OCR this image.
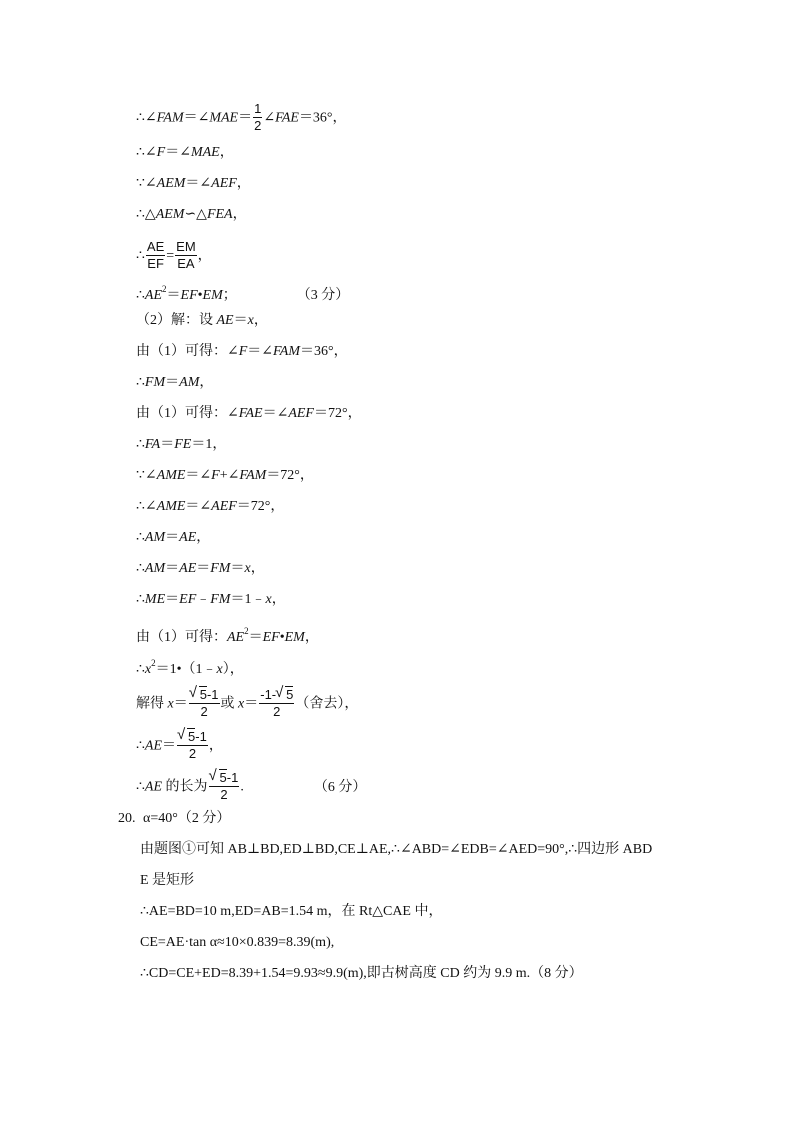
∴∠FAM＝∠MAE＝ $\frac{1}{2}$ ∠FAE＝36°，
∴∠F＝∠MAE，
∵∠AEM＝∠AEF，
∴△AEM∽△FEA，
∴ $\frac{AE}{EF} = \frac{EM}{EA}$ ，
$\therefore AE^2=EF•EM$；	（3 分）
（2）解：设 AE＝x，
由（1）可得：∠F＝∠FAM＝36°，
∴FM＝AM，
由（1）可得：∠FAE＝∠AEF＝72°，
∴FA＝FE＝1，
∵∠AME＝∠F+∠FAM＝72°，
∴∠AME＝∠AEF＝72°，
∴AM＝AE，
∴AM＝AE＝FM＝x，
∴ME＝EF﹣FM＝1﹣x，
由（1）可得：$AE^2=EF•EM$，
$\therefore x^2=1•(1﹣x)$，
解得 x＝ √ $\frac{5-1}{2}$ 或 $x= \frac{-1- √ 5}{2}$ （舍去），
∴AE＝ √ $\frac{5-1}{2}$ ，
∴AE 的长为 √ $\frac{5-1}{2}$ .	（6 分）
20. α=40°（2 分）
由题图①可知 AB⊥BD,ED⊥BD,CE⊥AE,∴∠ABD=∠EDB=∠AED=90°,∴四边形 ABD
E 是矩形
∴AE=BD=10 m,ED=AB=1.54 m，在 Rt△CAE 中，
CE=AE·tan α≈10×0.839=8.39(m),
∴CD=CE+ED=8.39+1.54=9.93≈9.9(m),即古树高度 CD 约为 9.9 m.（8 分）
